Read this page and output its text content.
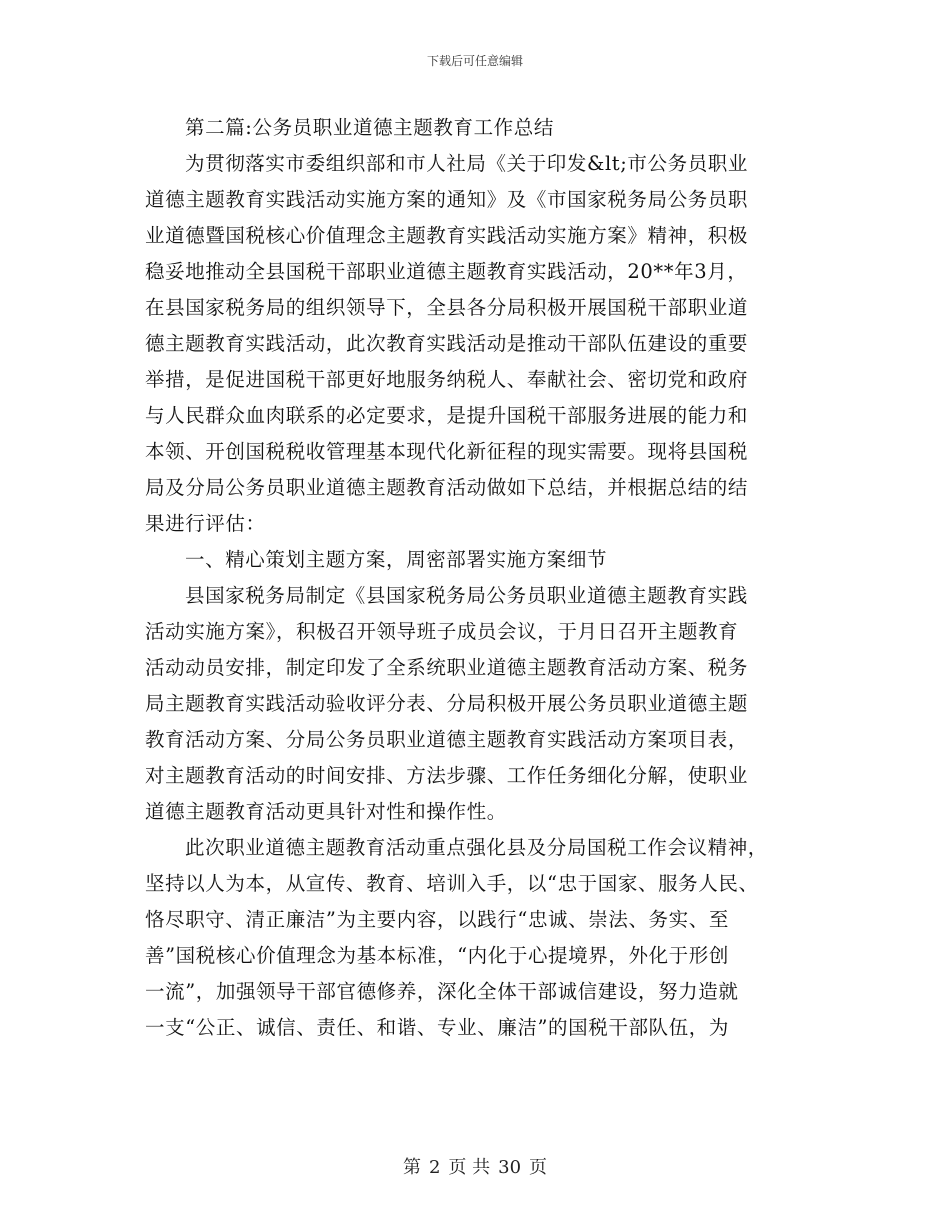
下载后可任意编辑
第二篇:公务员职业道德主题教育工作总结
为贯彻落实市委组织部和市人社局《关于印发&lt;市公务员职业
道德主题教育实践活动实施方案的通知》及《市国家税务局公务员职
业道德暨国税核心价值理念主题教育实践活动实施方案》精神，积极
稳妥地推动全县国税干部职业道德主题教育实践活动，20**年3月，
在县国家税务局的组织领导下，全县各分局积极开展国税干部职业道
德主题教育实践活动，此次教育实践活动是推动干部队伍建设的重要
举措，是促进国税干部更好地服务纳税人、奉献社会、密切党和政府
与人民群众血肉联系的必定要求，是提升国税干部服务进展的能力和
本领、开创国税税收管理基本现代化新征程的现实需要。现将县国税
局及分局公务员职业道德主题教育活动做如下总结，并根据总结的结
果进行评估：
一、精心策划主题方案，周密部署实施方案细节
县国家税务局制定《县国家税务局公务员职业道德主题教育实践
活动实施方案》，积极召开领导班子成员会议，于月日召开主题教育
活动动员安排，制定印发了全系统职业道德主题教育活动方案、税务
局主题教育实践活动验收评分表、分局积极开展公务员职业道德主题
教育活动方案、分局公务员职业道德主题教育实践活动方案项目表，
对主题教育活动的时间安排、方法步骤、工作任务细化分解，使职业
道德主题教育活动更具针对性和操作性。
此次职业道德主题教育活动重点强化县及分局国税工作会议精神，
坚持以人为本，从宣传、教育、培训入手，以“忠于国家、服务人民、
恪尽职守、清正廉洁”为主要内容，以践行“忠诚、崇法、务实、至
善”国税核心价值理念为基本标准，“内化于心提境界，外化于形创
一流”，加强领导干部官德修养，深化全体干部诚信建设，努力造就
一支“公正、诚信、责任、和谐、专业、廉洁”的国税干部队伍，为
第 2 页 共 30 页
